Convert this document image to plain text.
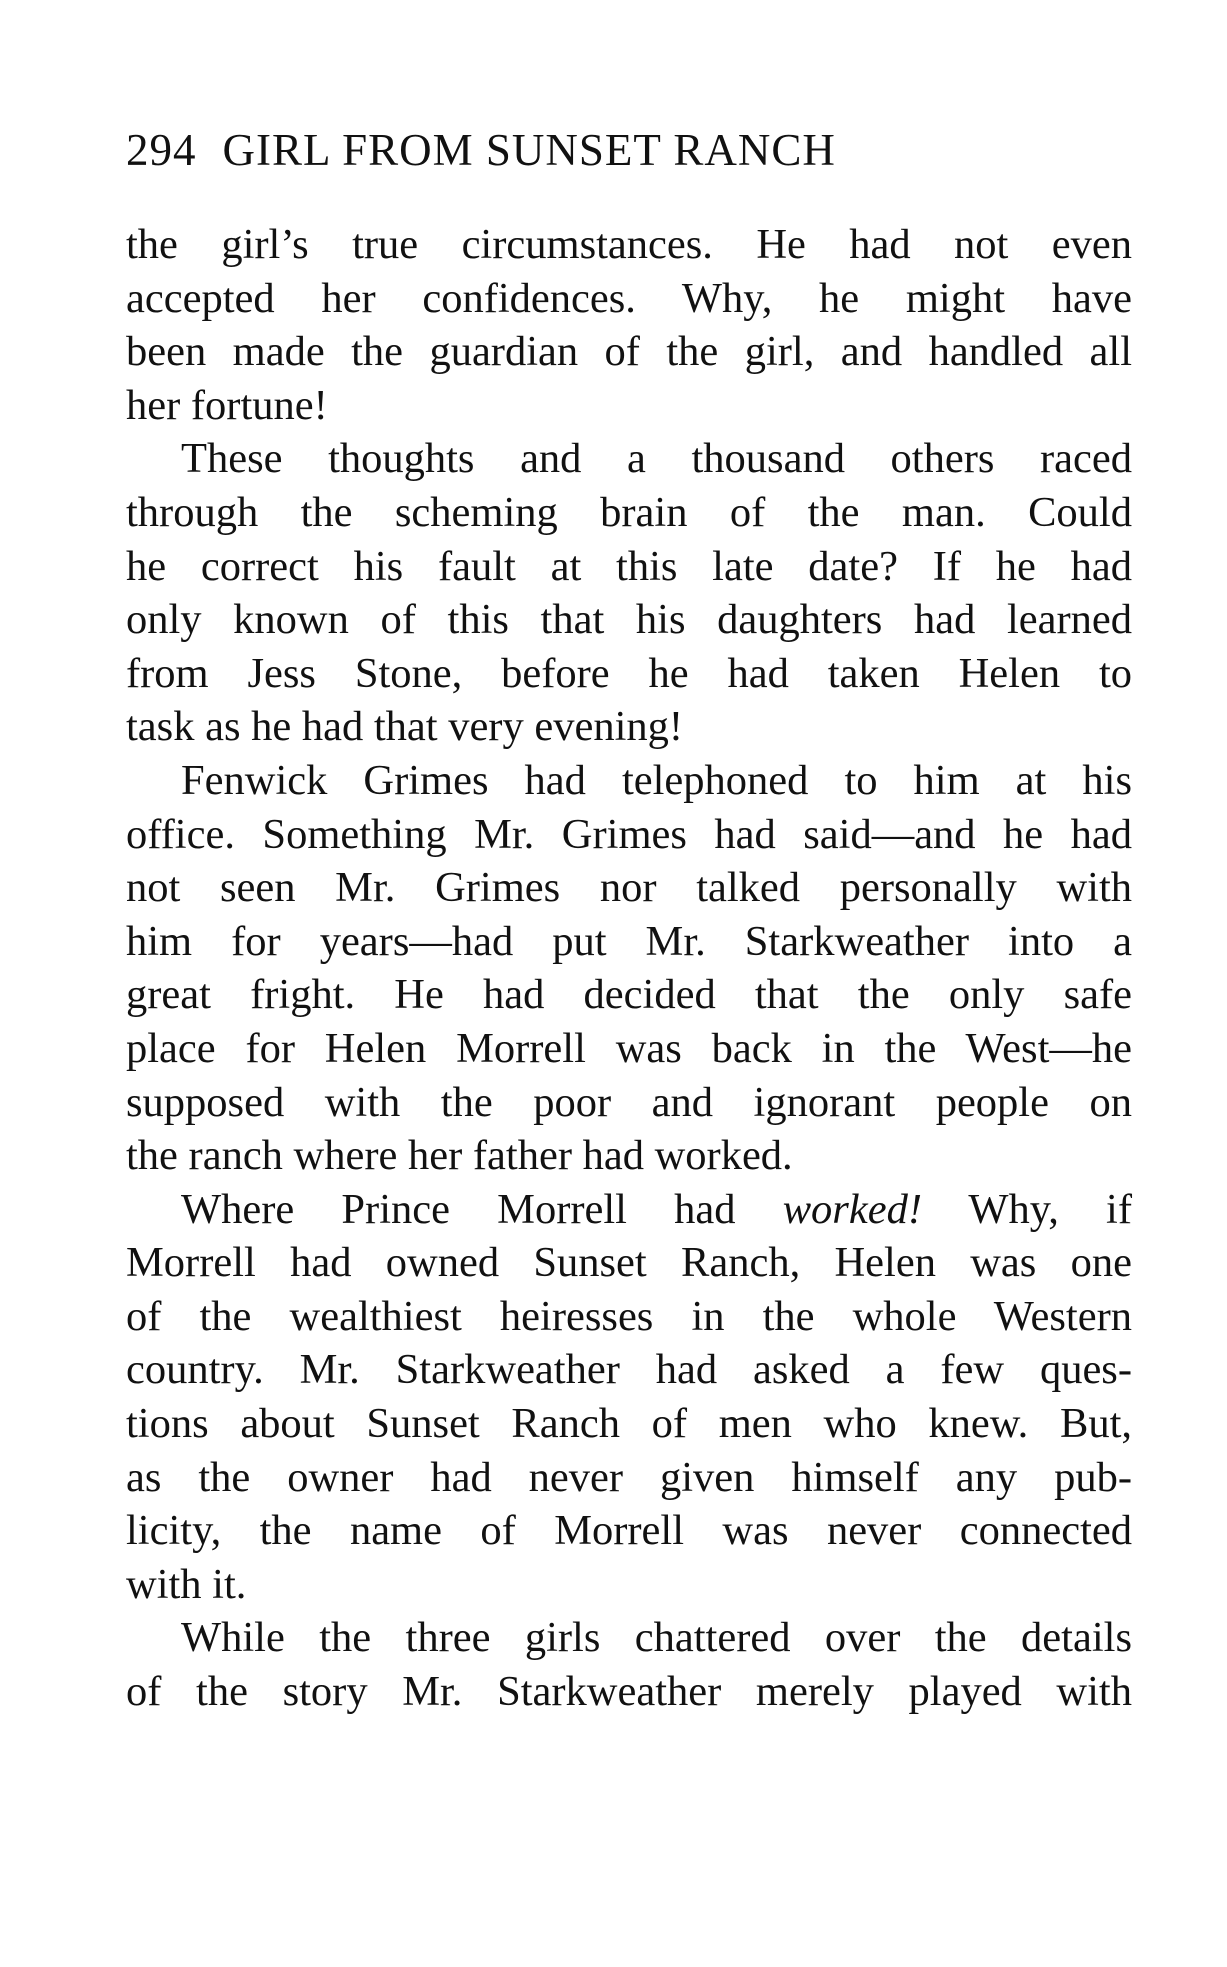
294 GIRL FROM SUNSET RANCH
the girl’s true circumstances. He had not even
accepted her confidences. Why, he might have
been made the guardian of the girl, and handled all
her fortune!
These thoughts and a thousand others raced
through the scheming brain of the man. Could
he correct his fault at this late date? If he had
only known of this that his daughters had learned
from Jess Stone, before he had taken Helen to
task as he had that very evening!
Fenwick Grimes had telephoned to him at his
office. Something Mr. Grimes had said—and he had
not seen Mr. Grimes nor talked personally with
him for years—had put Mr. Starkweather into a
great fright. He had decided that the only safe
place for Helen Morrell was back in the West—he
supposed with the poor and ignorant people on
the ranch where her father had worked.
Where Prince Morrell had worked! Why, if
Morrell had owned Sunset Ranch, Helen was one
of the wealthiest heiresses in the whole Western
country. Mr. Starkweather had asked a few ques-
tions about Sunset Ranch of men who knew. But,
as the owner had never given himself any pub-
licity, the name of Morrell was never connected
with it.
While the three girls chattered over the details
of the story Mr. Starkweather merely played with
